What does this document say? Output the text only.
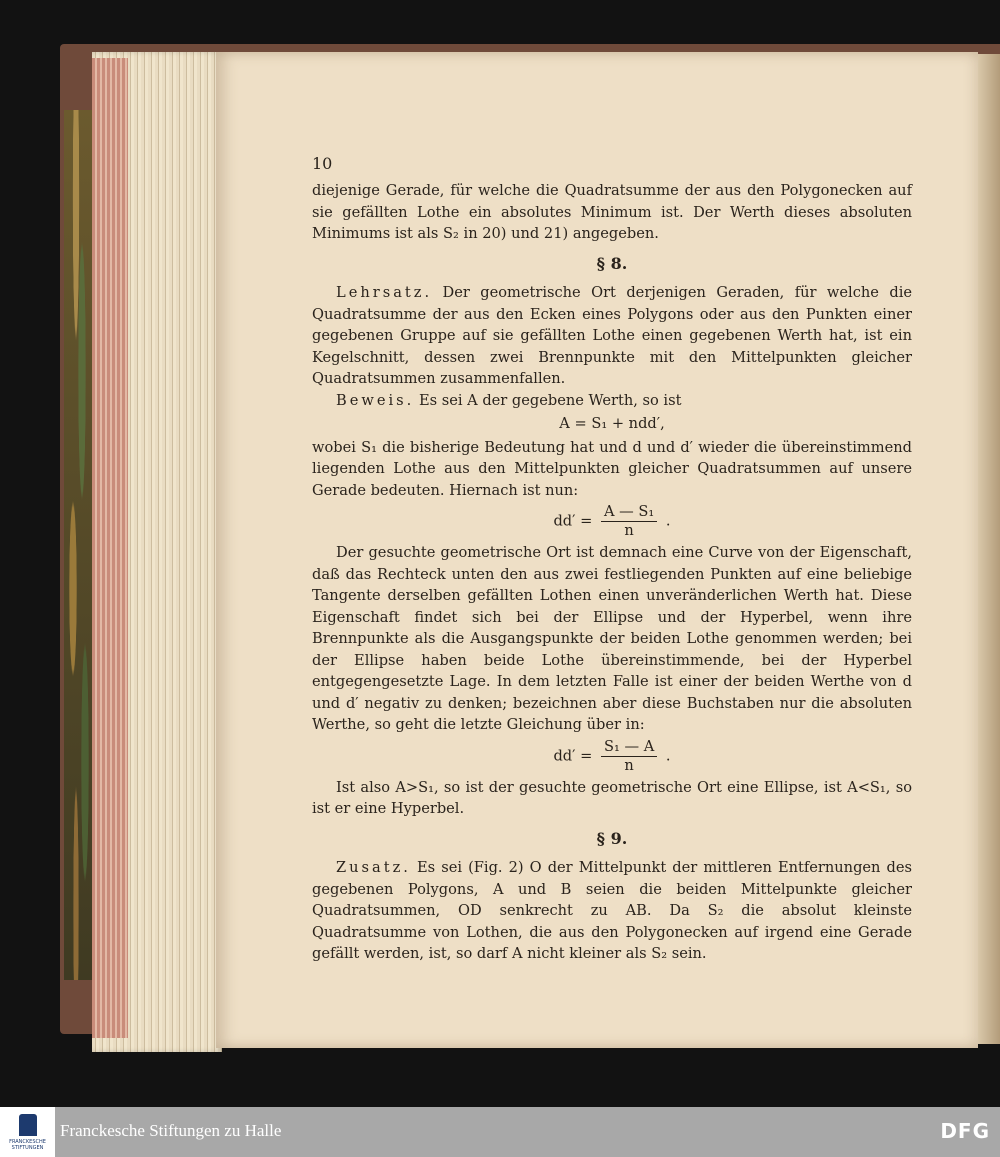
10

diejenige Gerade, für welche die Quadratsumme der aus den Polygonecken auf sie gefällten Lothe ein absolutes Minimum ist. Der Werth dieses absoluten Minimums ist als S₂ in 20) und 21) angegeben.

§ 8.

Lehrsatz. Der geometrische Ort derjenigen Geraden, für welche die Quadratsumme der aus den Ecken eines Polygons oder aus den Punkten einer gegebenen Gruppe auf sie gefällten Lothe einen gegebenen Werth hat, ist ein Kegelschnitt, dessen zwei Brennpunkte mit den Mittelpunkten gleicher Quadratsummen zusammenfallen.

Beweis. Es sei A der gegebene Werth, so ist

A = S₁ + ndd′,

wobei S₁ die bisherige Bedeutung hat und d und d′ wieder die übereinstimmend liegenden Lothe aus den Mittelpunkten gleicher Quadratsummen auf unsere Gerade bedeuten. Hiernach ist nun:

$dd' = \frac{\text{A — S₁}}{n}$ .

Der gesuchte geometrische Ort ist demnach eine Curve von der Eigenschaft, daß das Rechteck unten den aus zwei festliegenden Punkten auf eine beliebige Tangente derselben gefällten Lothen einen unveränderlichen Werth hat. Diese Eigenschaft findet sich bei der Ellipse und der Hyperbel, wenn ihre Brennpunkte als die Ausgangspunkte der beiden Lothe genommen werden; bei der Ellipse haben beide Lothe übereinstimmende, bei der Hyperbel entgegengesetzte Lage. In dem letzten Falle ist einer der beiden Werthe von d und d′ negativ zu denken; bezeichnen aber diese Buchstaben nur die absoluten Werthe, so geht die letzte Gleichung über in:

$dd' = \frac{\text{S₁ — A}}{n}$ .

Ist also A>S₁, so ist der gesuchte geometrische Ort eine Ellipse, ist A<S₁, so ist er eine Hyperbel.

§ 9.

Zusatz. Es sei (Fig. 2) O der Mittelpunkt der mittleren Entfernungen des gegebenen Polygons, A und B seien die beiden Mittelpunkte gleicher Quadratsummen, OD senkrecht zu AB. Da S₂ die absolut kleinste Quadratsumme von Lothen, die aus den Polygonecken auf irgend eine Gerade gefällt werden, ist, so darf A nicht kleiner als S₂ sein.

FRANCKESCHE STIFTUNGEN
Franckesche Stiftungen zu Halle	DFG
